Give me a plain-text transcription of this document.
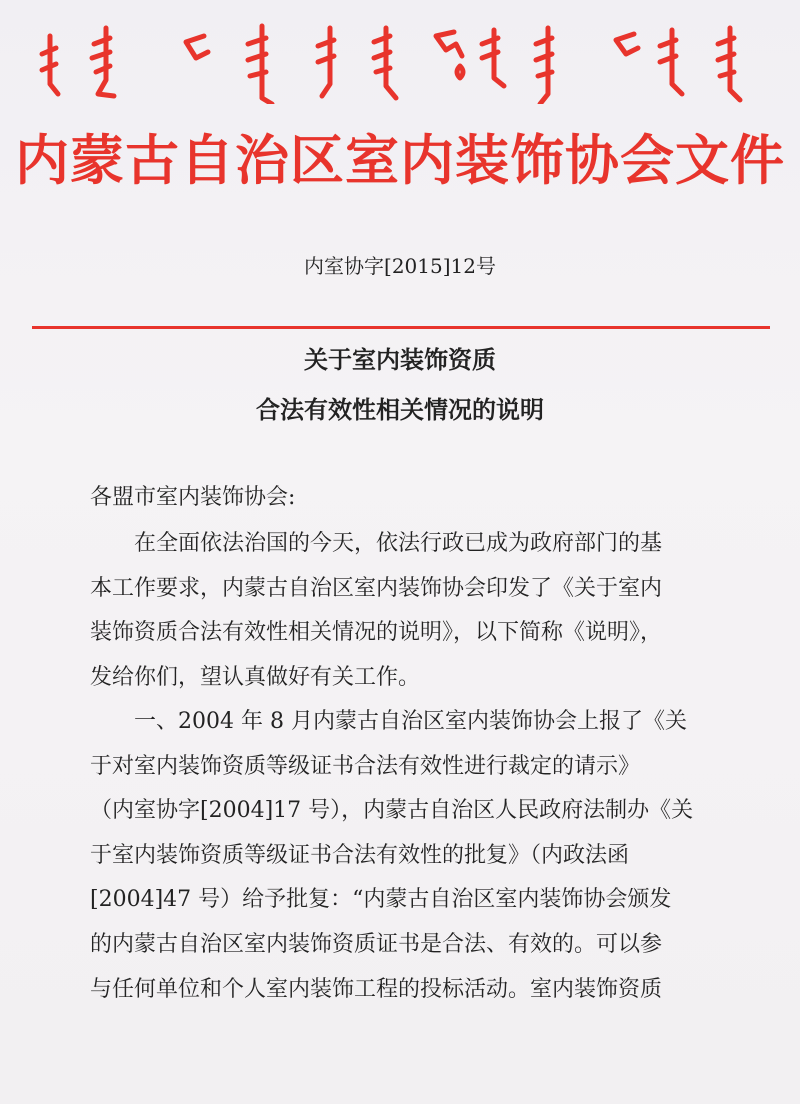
内蒙古自治区室内装饰协会文件
内室协字[2015]12号
关于室内装饰资质
合法有效性相关情况的说明
各盟市室内装饰协会:
在全面依法治国的今天，依法行政已成为政府部门的基
本工作要求，内蒙古自治区室内装饰协会印发了《关于室内
装饰资质合法有效性相关情况的说明》，以下简称《说明》，
发给你们，望认真做好有关工作。
一、2004 年 8 月内蒙古自治区室内装饰协会上报了《关
于对室内装饰资质等级证书合法有效性进行裁定的请示》
（内室协字[2004]17 号），内蒙古自治区人民政府法制办《关
于室内装饰资质等级证书合法有效性的批复》（内政法函
[2004]47 号）给予批复：“内蒙古自治区室内装饰协会颁发
的内蒙古自治区室内装饰资质证书是合法、有效的。可以参
与任何单位和个人室内装饰工程的投标活动。室内装饰资质
